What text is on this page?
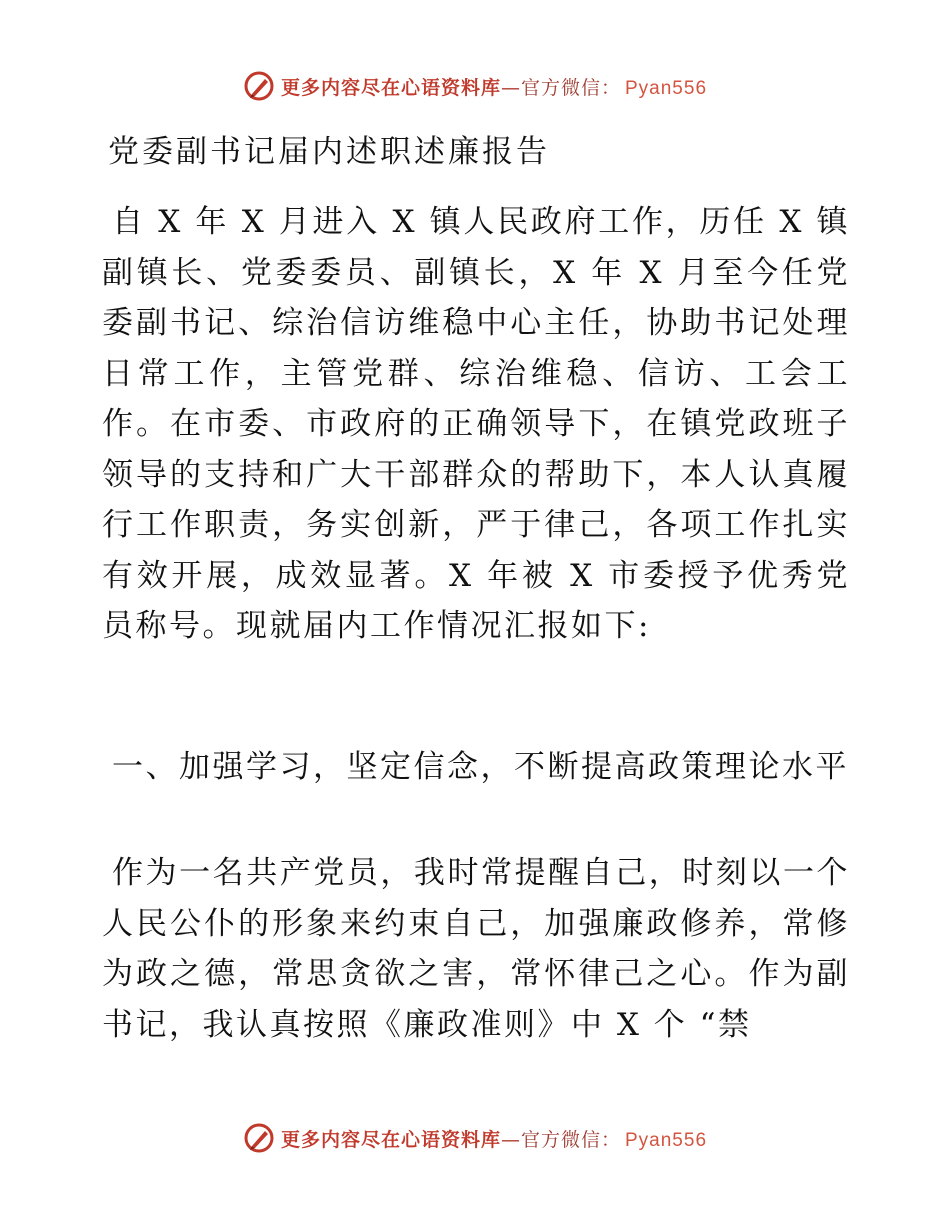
更多内容尽在心语资料库—官方微信： Pyan556
党委副书记届内述职述廉报告

自 X 年 X 月进入 X 镇人民政府工作，历任 X 镇副镇长、党委委员、副镇长，X 年 X 月至今任党委副书记、综治信访维稳中心主任，协助书记处理日常工作，主管党群、综治维稳、信访、工会工作。在市委、市政府的正确领导下，在镇党政班子领导的支持和广大干部群众的帮助下，本人认真履行工作职责，务实创新，严于律己，各项工作扎实有效开展，成效显著。X 年被 X 市委授予优秀党员称号。现就届内工作情况汇报如下:

一、加强学习，坚定信念，不断提高政策理论水平

作为一名共产党员，我时常提醒自己，时刻以一个人民公仆的形象来约束自己，加强廉政修养，常修为政之德，常思贪欲之害，常怀律己之心。作为副书记，我认真按照《廉政准则》中 X 个 “禁

更多内容尽在心语资料库—官方微信： Pyan556
